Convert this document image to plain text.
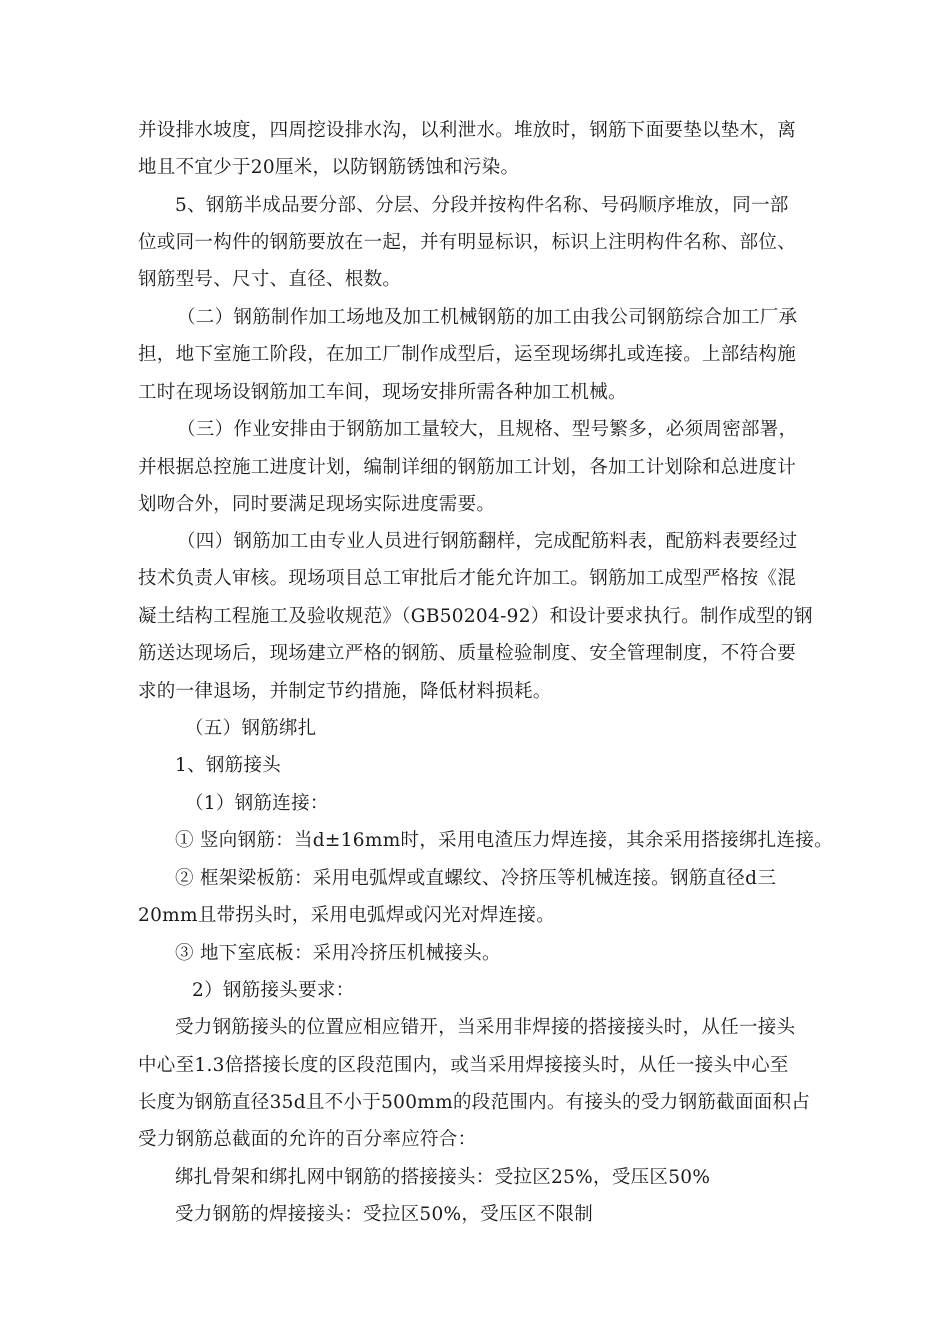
并设排水坡度，四周挖设排水沟，以利泄水。堆放时，钢筋下面要垫以垫木，离
地且不宜少于20厘米，以防钢筋锈蚀和污染。
5、钢筋半成品要分部、分层、分段并按构件名称、号码顺序堆放，同一部
位或同一构件的钢筋要放在一起，并有明显标识，标识上注明构件名称、部位、
钢筋型号、尺寸、直径、根数。
（二）钢筋制作加工场地及加工机械钢筋的加工由我公司钢筋综合加工厂承
担，地下室施工阶段，在加工厂制作成型后，运至现场绑扎或连接。上部结构施
工时在现场设钢筋加工车间，现场安排所需各种加工机械。
（三）作业安排由于钢筋加工量较大，且规格、型号繁多，必须周密部署，
并根据总控施工进度计划，编制详细的钢筋加工计划，各加工计划除和总进度计
划吻合外，同时要满足现场实际进度需要。
（四）钢筋加工由专业人员进行钢筋翻样，完成配筋料表，配筋料表要经过
技术负责人审核。现场项目总工审批后才能允许加工。钢筋加工成型严格按《混
凝土结构工程施工及验收规范》（GB50204-92）和设计要求执行。制作成型的钢
筋送达现场后，现场建立严格的钢筋、质量检验制度、安全管理制度，不符合要
求的一律退场，并制定节约措施，降低材料损耗。
（五）钢筋绑扎
1、钢筋接头
（1）钢筋连接：
① 竖向钢筋：当d±16mm时，采用电渣压力焊连接，其余采用搭接绑扎连接。
② 框架梁板筋：采用电弧焊或直螺纹、冷挤压等机械连接。钢筋直径d三
20mm且带拐头时，采用电弧焊或闪光对焊连接。
③ 地下室底板：采用冷挤压机械接头。
2）钢筋接头要求：
受力钢筋接头的位置应相应错开，当采用非焊接的搭接接头时，从任一接头
中心至1.3倍搭接长度的区段范围内，或当采用焊接接头时，从任一接头中心至
长度为钢筋直径35d且不小于500mm的段范围内。有接头的受力钢筋截面面积占
受力钢筋总截面的允许的百分率应符合：
绑扎骨架和绑扎网中钢筋的搭接接头：受拉区25%，受压区50%
受力钢筋的焊接接头：受拉区50%，受压区不限制
